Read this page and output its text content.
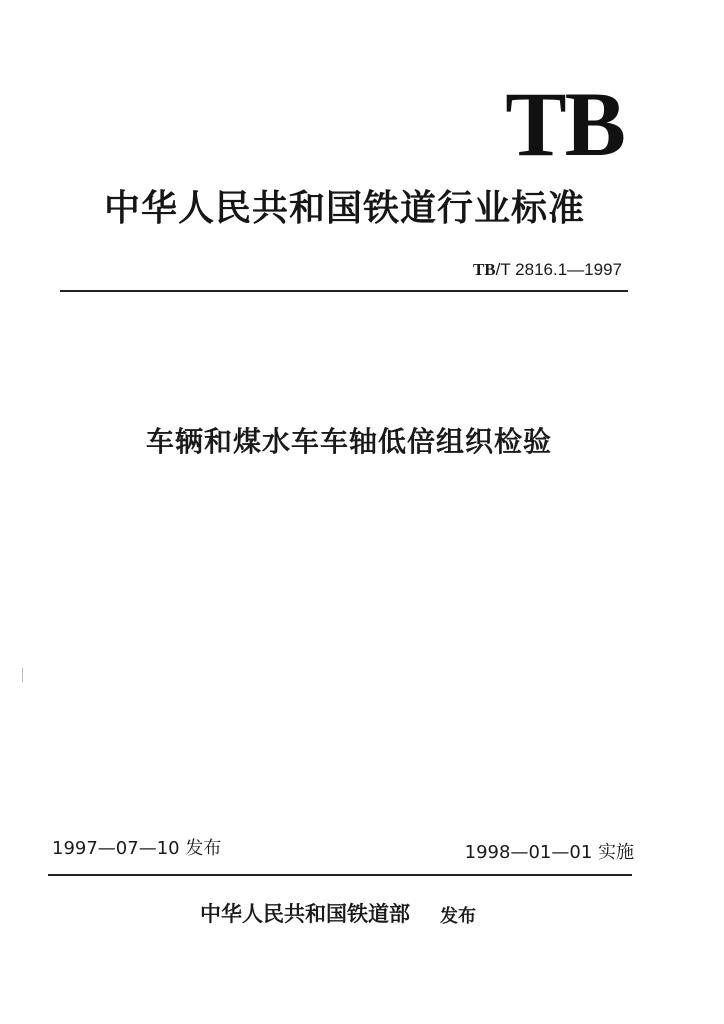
TB
中华人民共和国铁道行业标准
TB/T 2816.1—1997
车辆和煤水车车轴低倍组织检验
1997—07—10 发布	1998—01—01 实施
中华人民共和国铁道部 发布
